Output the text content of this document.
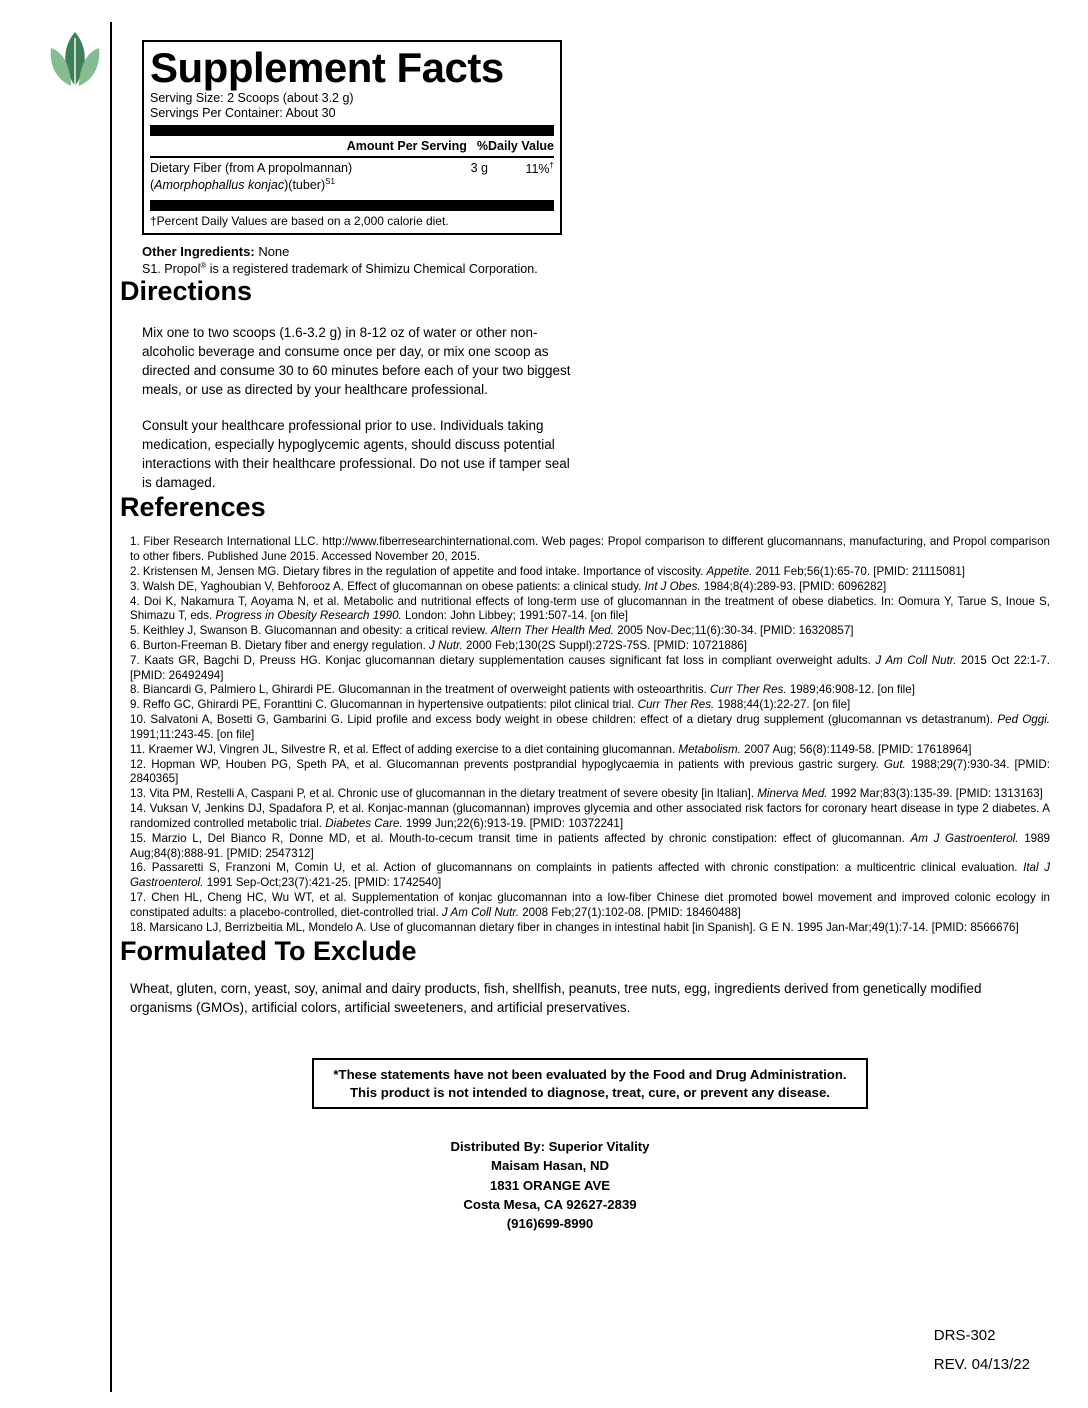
Supplement Facts
Serving Size: 2 Scoops (about 3.2 g)
Servings Per Container: About 30
Amount Per Serving %Daily Value
Dietary Fiber (from A propolmannan)
(Amorphophallus konjac)(tuber)$^{S1}$
3 g	11%†
†Percent Daily Values are based on a 2,000 calorie diet.
Other Ingredients: None
S1. Propol® is a registered trademark of Shimizu Chemical Corporation.
Directions

Mix one to two scoops (1.6-3.2 g) in 8-12 oz of water or other non-alcoholic beverage and consume once per day, or mix one scoop as directed and consume 30 to 60 minutes before each of your two biggest meals, or use as directed by your healthcare professional.

Consult your healthcare professional prior to use. Individuals taking medication, especially hypoglycemic agents, should discuss potential interactions with their healthcare professional. Do not use if tamper seal is damaged.

References

1. Fiber Research International LLC. http://www.fiberresearchinternational.com. Web pages: Propol comparison to different glucomannans, manufacturing, and Propol comparison to other fibers. Published June 2015. Accessed November 20, 2015.

2. Kristensen M, Jensen MG. Dietary fibres in the regulation of appetite and food intake. Importance of viscosity. Appetite. 2011 Feb;56(1):65-70. [PMID: 21115081]

3. Walsh DE, Yaghoubian V, Behforooz A. Effect of glucomannan on obese patients: a clinical study. Int J Obes. 1984;8(4):289-93. [PMID: 6096282]

4. Doi K, Nakamura T, Aoyama N, et al. Metabolic and nutritional effects of long-term use of glucomannan in the treatment of obese diabetics. In: Oomura Y, Tarue S, Inoue S, Shimazu T, eds. Progress in Obesity Research 1990. London: John Libbey; 1991:507-14. [on file]

5. Keithley J, Swanson B. Glucomannan and obesity: a critical review. Altern Ther Health Med. 2005 Nov-Dec;11(6):30-34. [PMID: 16320857]

6. Burton-Freeman B. Dietary fiber and energy regulation. J Nutr. 2000 Feb;130(2S Suppl):272S-75S. [PMID: 10721886]

7. Kaats GR, Bagchi D, Preuss HG. Konjac glucomannan dietary supplementation causes significant fat loss in compliant overweight adults. J Am Coll Nutr. 2015 Oct 22:1-7. [PMID: 26492494]

8. Biancardi G, Palmiero L, Ghirardi PE. Glucomannan in the treatment of overweight patients with osteoarthritis. Curr Ther Res. 1989;46:908-12. [on file]

9. Reffo GC, Ghirardi PE, Foranttini C. Glucomannan in hypertensive outpatients: pilot clinical trial. Curr Ther Res. 1988;44(1):22-27. [on file]

10. Salvatoni A, Bosetti G, Gambarini G. Lipid profile and excess body weight in obese children: effect of a dietary drug supplement (glucomannan vs detastranum). Ped Oggi. 1991;11:243-45. [on file]

11. Kraemer WJ, Vingren JL, Silvestre R, et al. Effect of adding exercise to a diet containing glucomannan. Metabolism. 2007 Aug; 56(8):1149-58. [PMID: 17618964]

12. Hopman WP, Houben PG, Speth PA, et al. Glucomannan prevents postprandial hypoglycaemia in patients with previous gastric surgery. Gut. 1988;29(7):930-34. [PMID: 2840365]

13. Vita PM, Restelli A, Caspani P, et al. Chronic use of glucomannan in the dietary treatment of severe obesity [in Italian]. Minerva Med. 1992 Mar;83(3):135-39. [PMID: 1313163]

14. Vuksan V, Jenkins DJ, Spadafora P, et al. Konjac-mannan (glucomannan) improves glycemia and other associated risk factors for coronary heart disease in type 2 diabetes. A randomized controlled metabolic trial. Diabetes Care. 1999 Jun;22(6):913-19. [PMID: 10372241]

15. Marzio L, Del Bianco R, Donne MD, et al. Mouth-to-cecum transit time in patients affected by chronic constipation: effect of glucomannan. Am J Gastroenterol. 1989 Aug;84(8):888-91. [PMID: 2547312]

16. Passaretti S, Franzoni M, Comin U, et al. Action of glucomannans on complaints in patients affected with chronic constipation: a multicentric clinical evaluation. Ital J Gastroenterol. 1991 Sep-Oct;23(7):421-25. [PMID: 1742540]

17. Chen HL, Cheng HC, Wu WT, et al. Supplementation of konjac glucomannan into a low-fiber Chinese diet promoted bowel movement and improved colonic ecology in constipated adults: a placebo-controlled, diet-controlled trial. J Am Coll Nutr. 2008 Feb;27(1):102-08. [PMID: 18460488]

18. Marsicano LJ, Berrizbeitia ML, Mondelo A. Use of glucomannan dietary fiber in changes in intestinal habit [in Spanish]. G E N. 1995 Jan-Mar;49(1):7-14. [PMID: 8566676]

Formulated To Exclude
Wheat, gluten, corn, yeast, soy, animal and dairy products, fish, shellfish, peanuts, tree nuts, egg, ingredients derived from genetically modified organisms (GMOs), artificial colors, artificial sweeteners, and artificial preservatives.
*These statements have not been evaluated by the Food and Drug Administration.
This product is not intended to diagnose, treat, cure, or prevent any disease.
Distributed By: Superior Vitality
Maisam Hasan, ND
1831 ORANGE AVE
Costa Mesa, CA 92627-2839
(916)699-8990
DRS-302
REV. 04/13/22
